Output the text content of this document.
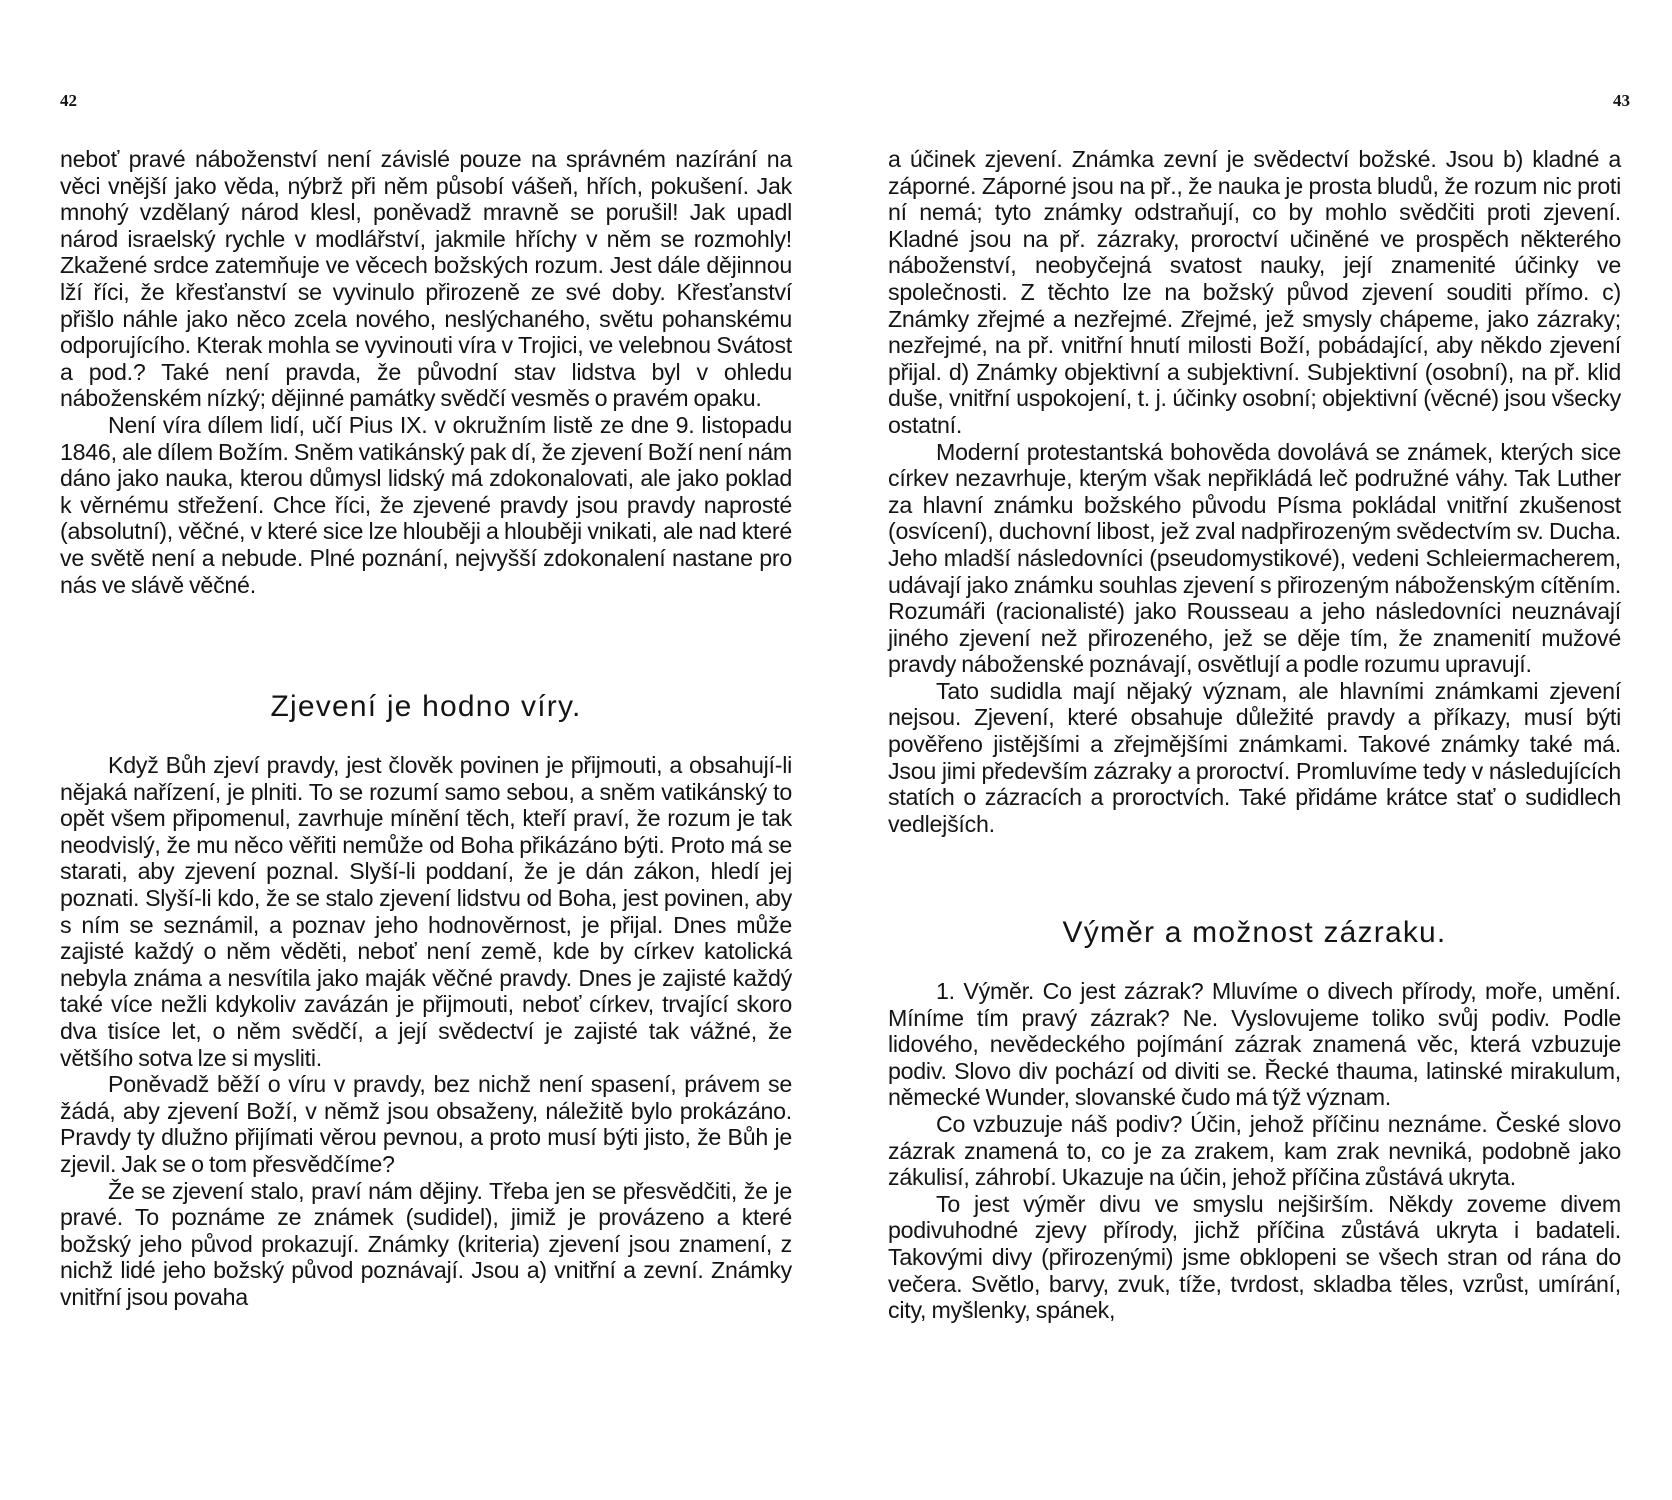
42

neboť pravé náboženství není závislé pouze na správném nazírání na věci vnější jako věda, nýbrž při něm působí vášeň, hřích, pokušení. Jak mnohý vzdělaný národ klesl, poněvadž mravně se porušil! Jak upadl národ israelský rychle v modlářství, jakmile hříchy v něm se rozmohly! Zkažené srdce zatemňuje ve věcech božských rozum. Jest dále dějinnou lží říci, že křesťanství se vyvinulo přirozeně ze své doby. Křesťanství přišlo náhle jako něco zcela nového, neslýchaného, světu pohanskému odporujícího. Kterak mohla se vyvinouti víra v Trojici, ve velebnou Svátost a pod.? Také není pravda, že původní stav lidstva byl v ohledu náboženském nízký; dějinné památky svědčí vesměs o pravém opaku.

Není víra dílem lidí, učí Pius IX. v okružním listě ze dne 9. listopadu 1846, ale dílem Božím. Sněm vatikánský pak dí, že zjevení Boží není nám dáno jako nauka, kterou důmysl lidský má zdokonalovati, ale jako poklad k věrnému střežení. Chce říci, že zjevené pravdy jsou pravdy naprosté (absolutní), věčné, v které sice lze hlouběji a hlouběji vnikati, ale nad které ve světě není a nebude. Plné poznání, nejvyšší zdokonalení nastane pro nás ve slávě věčné.

Zjevení je hodno víry.

Když Bůh zjeví pravdy, jest člověk povinen je přijmouti, a obsahují-li nějaká nařízení, je plniti. To se rozumí samo sebou, a sněm vatikánský to opět všem připomenul, zavrhuje mínění těch, kteří praví, že rozum je tak neodvislý, že mu něco věřiti nemůže od Boha přikázáno býti. Proto má se starati, aby zjevení poznal. Slyší-li poddaní, že je dán zákon, hledí jej poznati. Slyší-li kdo, že se stalo zjevení lidstvu od Boha, jest povinen, aby s ním se seznámil, a poznav jeho hodnověrnost, je přijal. Dnes může zajisté každý o něm věděti, neboť není země, kde by církev katolická nebyla známa a nesvítila jako maják věčné pravdy. Dnes je zajisté každý také více nežli kdykoliv zavázán je přijmouti, neboť církev, trvající skoro dva tisíce let, o něm svědčí, a její svědectví je zajisté tak vážné, že většího sotva lze si mysliti.

Poněvadž běží o víru v pravdy, bez nichž není spasení, právem se žádá, aby zjevení Boží, v němž jsou obsaženy, náležitě bylo prokázáno. Pravdy ty dlužno přijímati věrou pevnou, a proto musí býti jisto, že Bůh je zjevil. Jak se o tom přesvědčíme?

Že se zjevení stalo, praví nám dějiny. Třeba jen se přesvědčiti, že je pravé. To poznáme ze známek (sudidel), jimiž je provázeno a které božský jeho původ prokazují. Známky (kriteria) zjevení jsou znamení, z nichž lidé jeho božský původ poznávají. Jsou a) vnitřní a zevní. Známky vnitřní jsou povaha

43

a účinek zjevení. Známka zevní je svědectví božské. Jsou b) kladné a záporné. Záporné jsou na př., že nauka je prosta bludů, že rozum nic proti ní nemá; tyto známky odstraňují, co by mohlo svědčiti proti zjevení. Kladné jsou na př. zázraky, proroctví učiněné ve prospěch některého náboženství, neobyčejná svatost nauky, její znamenité účinky ve společnosti. Z těchto lze na božský původ zjevení souditi přímo. c) Známky zřejmé a nezřejmé. Zřejmé, jež smysly chápeme, jako zázraky; nezřejmé, na př. vnitřní hnutí milosti Boží, pobádající, aby někdo zjevení přijal. d) Známky objektivní a subjektivní. Subjektivní (osobní), na př. klid duše, vnitřní uspokojení, t. j. účinky osobní; objektivní (věcné) jsou všecky ostatní.

Moderní protestantská bohověda dovolává se známek, kterých sice církev nezavrhuje, kterým však nepřikládá leč podružné váhy. Tak Luther za hlavní známku božského původu Písma pokládal vnitřní zkušenost (osvícení), duchovní libost, jež zval nadpřirozeným svědectvím sv. Ducha. Jeho mladší následovníci (pseudomystikové), vedeni Schleiermacherem, udávají jako známku souhlas zjevení s přirozeným náboženským cítěním. Rozumáři (racionalisté) jako Rousseau a jeho následovníci neuznávají jiného zjevení než přirozeného, jež se děje tím, že znamenití mužové pravdy náboženské poznávají, osvětlují a podle rozumu upravují.

Tato sudidla mají nějaký význam, ale hlavními známkami zjevení nejsou. Zjevení, které obsahuje důležité pravdy a příkazy, musí býti pověřeno jistějšími a zřejmějšími známkami. Takové známky také má. Jsou jimi především zázraky a proroctví. Promluvíme tedy v následujících statích o zázracích a proroctvích. Také přidáme krátce stať o sudidlech vedlejších.

Výměr a možnost zázraku.

1. Výměr. Co jest zázrak? Mluvíme o divech přírody, moře, umění. Míníme tím pravý zázrak? Ne. Vyslovujeme toliko svůj podiv. Podle lidového, nevědeckého pojímání zázrak znamená věc, která vzbuzuje podiv. Slovo div pochází od diviti se. Řecké thauma, latinské mirakulum, německé Wunder, slovanské čudo má týž význam.

Co vzbuzuje náš podiv? Účin, jehož příčinu neznáme. České slovo zázrak znamená to, co je za zrakem, kam zrak nevniká, podobně jako zákulisí, záhrobí. Ukazuje na účin, jehož příčina zůstává ukryta.

To jest výměr divu ve smyslu nejširším. Někdy zoveme divem podivuhodné zjevy přírody, jichž příčina zůstává ukryta i badateli. Takovými divy (přirozenými) jsme obklopeni se všech stran od rána do večera. Světlo, barvy, zvuk, tíže, tvrdost, skladba těles, vzrůst, umírání, city, myšlenky, spánek,
